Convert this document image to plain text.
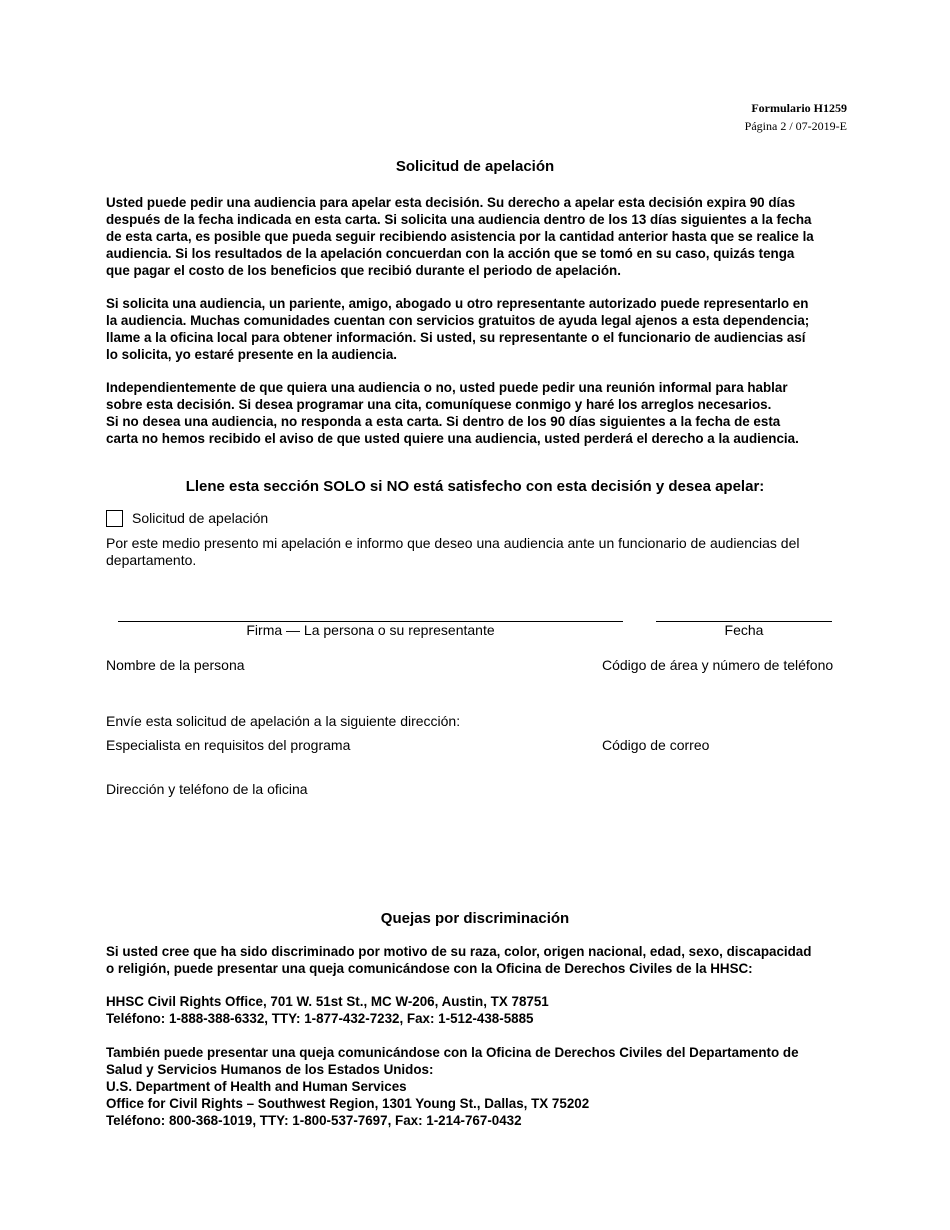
Formulario H1259
Página 2 / 07-2019-E
Solicitud de apelación
Usted puede pedir una audiencia para apelar esta decisión. Su derecho a apelar esta decisión expira 90 días
después de la fecha indicada en esta carta. Si solicita una audiencia dentro de los 13 días siguientes a la fecha
de esta carta, es posible que pueda seguir recibiendo asistencia por la cantidad anterior hasta que se realice la
audiencia. Si los resultados de la apelación concuerdan con la acción que se tomó en su caso, quizás tenga
que pagar el costo de los beneficios que recibió durante el periodo de apelación.
Si solicita una audiencia, un pariente, amigo, abogado u otro representante autorizado puede representarlo en
la audiencia. Muchas comunidades cuentan con servicios gratuitos de ayuda legal ajenos a esta dependencia;
llame a la oficina local para obtener información. Si usted, su representante o el funcionario de audiencias así
lo solicita, yo estaré presente en la audiencia.
Independientemente de que quiera una audiencia o no, usted puede pedir una reunión informal para hablar
sobre esta decisión. Si desea programar una cita, comuníquese conmigo y haré los arreglos necesarios.
Si no desea una audiencia, no responda a esta carta. Si dentro de los 90 días siguientes a la fecha de esta
carta no hemos recibido el aviso de que usted quiere una audiencia, usted perderá el derecho a la audiencia.
Llene esta sección SOLO si NO está satisfecho con esta decisión y desea apelar:
Solicitud de apelación
Por este medio presento mi apelación e informo que deseo una audiencia ante un funcionario de audiencias del
departamento.
Firma — La persona o su representante	Fecha
Nombre de la persona	Código de área y número de teléfono
Envíe esta solicitud de apelación a la siguiente dirección:
Especialista en requisitos del programa	Código de correo
Dirección y teléfono de la oficina
Quejas por discriminación
Si usted cree que ha sido discriminado por motivo de su raza, color, origen nacional, edad, sexo, discapacidad
o religión, puede presentar una queja comunicándose con la Oficina de Derechos Civiles de la HHSC:
HHSC Civil Rights Office, 701 W. 51st St., MC W-206, Austin, TX 78751
Teléfono: 1-888-388-6332, TTY: 1-877-432-7232, Fax: 1-512-438-5885
También puede presentar una queja comunicándose con la Oficina de Derechos Civiles del Departamento de
Salud y Servicios Humanos de los Estados Unidos:
U.S. Department of Health and Human Services
Office for Civil Rights – Southwest Region, 1301 Young St., Dallas, TX 75202
Teléfono: 800-368-1019, TTY: 1-800-537-7697, Fax: 1-214-767-0432
